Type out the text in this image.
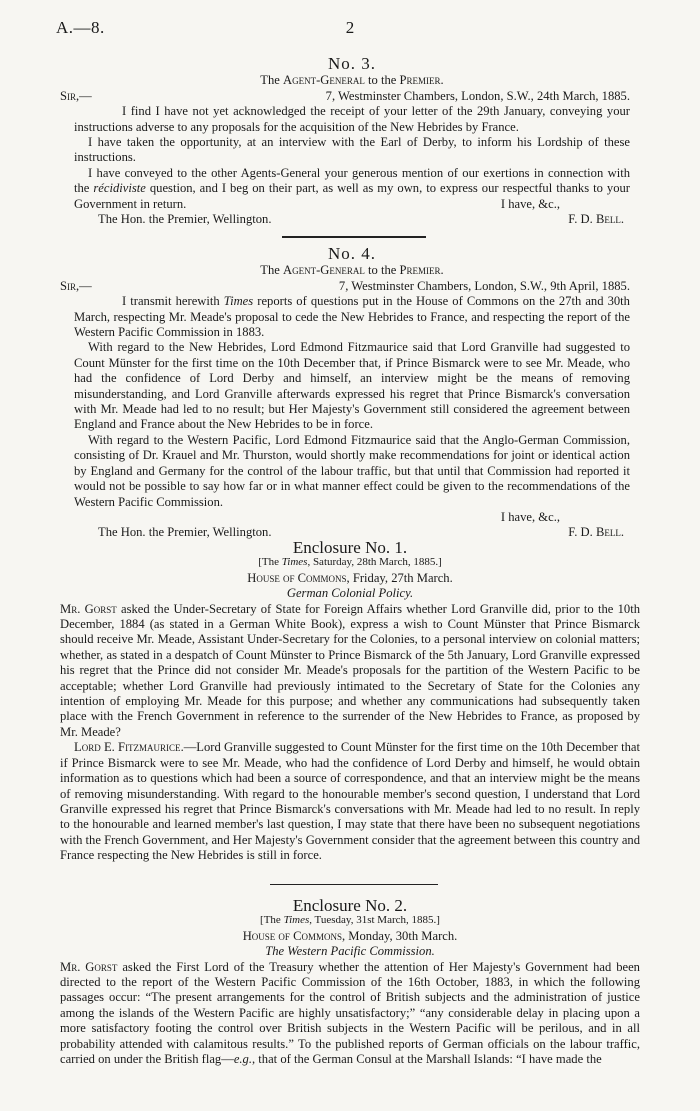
A.—8.	2
No. 3.
The Agent-General to the Premier.
Sir,—	7, Westminster Chambers, London, S.W., 24th March, 1885.

I find I have not yet acknowledged the receipt of your letter of the 29th January, conveying your instructions adverse to any proposals for the acquisition of the New Hebrides by France.

I have taken the opportunity, at an interview with the Earl of Derby, to inform his Lordship of these instructions.

I have conveyed to the other Agents-General your generous mention of our exertions in connection with the récidiviste question, and I beg on their part, as well as my own, to express our respectful thanks to your Government in return.	I have, &c.,
The Hon. the Premier, Wellington.	F. D. Bell.
No. 4.
The Agent-General to the Premier.
Sir,—	7, Westminster Chambers, London, S.W., 9th April, 1885.

I transmit herewith Times reports of questions put in the House of Commons on the 27th and 30th March, respecting Mr. Meade's proposal to cede the New Hebrides to France, and respecting the report of the Western Pacific Commission in 1883.

With regard to the New Hebrides, Lord Edmond Fitzmaurice said that Lord Granville had suggested to Count Münster for the first time on the 10th December that, if Prince Bismarck were to see Mr. Meade, who had the confidence of Lord Derby and himself, an interview might be the means of removing misunderstanding, and Lord Granville afterwards expressed his regret that Prince Bismarck's conversation with Mr. Meade had led to no result; but Her Majesty's Government still considered the agreement between England and France about the New Hebrides to be in force.

With regard to the Western Pacific, Lord Edmond Fitzmaurice said that the Anglo-German Commission, consisting of Dr. Krauel and Mr. Thurston, would shortly make recommendations for joint or identical action by England and Germany for the control of the labour traffic, but that until that Commission had reported it would not be possible to say how far or in what manner effect could be given to the recommendations of the Western Pacific Commission.

I have, &c.,
The Hon. the Premier, Wellington.	F. D. Bell.
Enclosure No. 1.
[The Times, Saturday, 28th March, 1885.]
House of Commons, Friday, 27th March.
German Colonial Policy.

Mr. Gorst asked the Under-Secretary of State for Foreign Affairs whether Lord Granville did, prior to the 10th December, 1884 (as stated in a German White Book), express a wish to Count Münster that Prince Bismarck should receive Mr. Meade, Assistant Under-Secretary for the Colonies, to a personal interview on colonial matters; whether, as stated in a despatch of Count Münster to Prince Bismarck of the 5th January, Lord Granville expressed his regret that the Prince did not consider Mr. Meade's proposals for the partition of the Western Pacific to be acceptable; whether Lord Granville had previously intimated to the Secretary of State for the Colonies any intention of employing Mr. Meade for this purpose; and whether any communications had subsequently taken place with the French Government in reference to the surrender of the New Hebrides to France, as proposed by Mr. Meade?

Lord E. Fitzmaurice.—Lord Granville suggested to Count Münster for the first time on the 10th December that if Prince Bismarck were to see Mr. Meade, who had the confidence of Lord Derby and himself, he would obtain information as to questions which had been a source of correspondence, and that an interview might be the means of removing misunderstanding. With regard to the honourable member's second question, I understand that Lord Granville expressed his regret that Prince Bismarck's conversations with Mr. Meade had led to no result. In reply to the honourable and learned member's last question, I may state that there have been no subsequent negotiations with the French Government, and Her Majesty's Government consider that the agreement between this country and France respecting the New Hebrides is still in force.

Enclosure No. 2.
[The Times, Tuesday, 31st March, 1885.]
House of Commons, Monday, 30th March.
The Western Pacific Commission.

Mr. Gorst asked the First Lord of the Treasury whether the attention of Her Majesty's Government had been directed to the report of the Western Pacific Commission of the 16th October, 1883, in which the following passages occur: “The present arrangements for the control of British subjects and the administration of justice among the islands of the Western Pacific are highly unsatisfactory;” “any considerable delay in placing upon a more satisfactory footing the control over British subjects in the Western Pacific will be perilous, and in all probability attended with calamitous results.” To the published reports of German officials on the labour traffic, carried on under the British flag—e.g., that of the German Consul at the Marshall Islands: “I have made the
